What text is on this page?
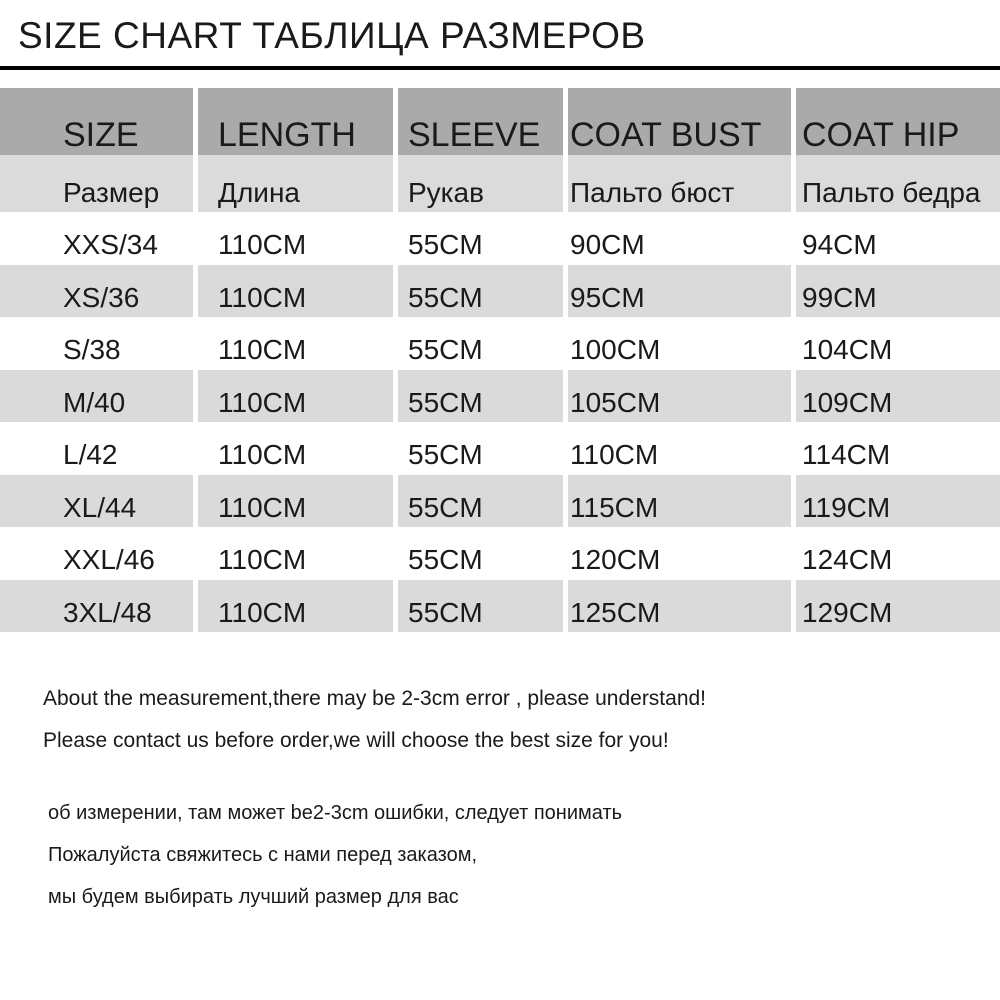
SIZE CHART ТАБЛИЦА РАЗМЕРОВ
SIZE	LENGTH	SLEEVE	COAT BUST	COAT HIP
Размер	Длина	Рукав	Пальто бюст	Пальто бедра
XXS/34	110CM	55CM	90CM	94CM
XS/36	110CM	55CM	95CM	99CM
S/38	110CM	55CM	100CM	104CM
M/40	110CM	55CM	105CM	109CM
L/42	110CM	55CM	110CM	114CM
XL/44	110CM	55CM	115CM	119CM
XXL/46	110CM	55CM	120CM	124CM
3XL/48	110CM	55CM	125CM	129CM
About the measurement,there may be 2-3cm error , please understand!
Please contact us before order,we will choose the best size for you!
об измерении, там может be2-3cm ошибки, следует понимать
Пожалуйста свяжитесь с нами перед заказом,
мы будем выбирать лучший размер для вас
